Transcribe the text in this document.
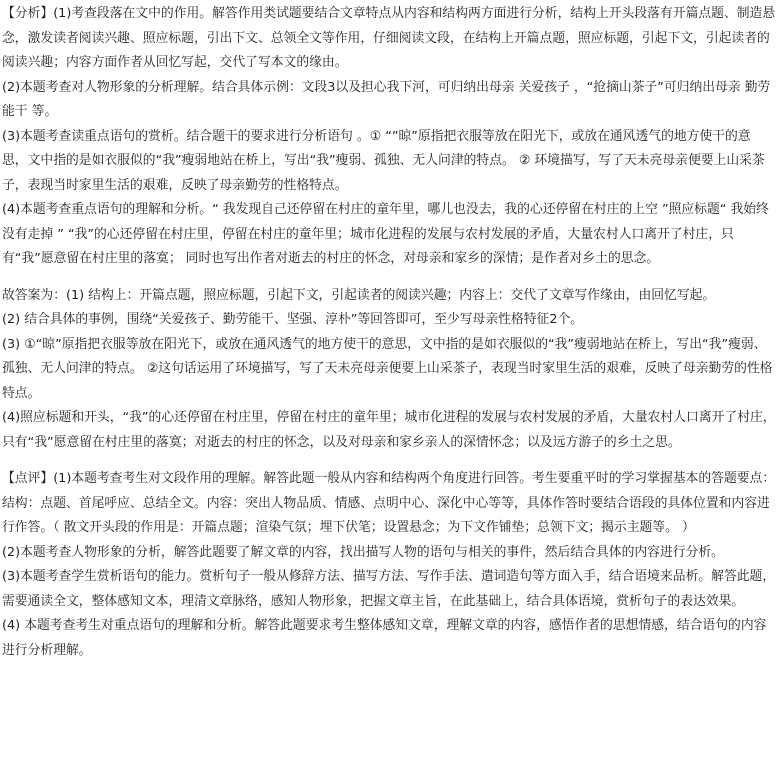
【分析】(1)考查段落在文中的作用。解答作用类试题要结合文章特点从内容和结构两方面进行分析，结构上开头段落有开篇点题、制造悬念，激发读者阅读兴趣、照应标题，引出下文、总领全文等作用，仔细阅读文段，在结构上开篇点题，照应标题，引起下文，引起读者的阅读兴趣；内容方面作者从回忆写起，交代了写本文的缘由。

(2)本题考查对人物形象的分析理解。结合具体示例：文段3以及担心我下河，可归纳出母亲 关爱孩子 ，“抢摘山茶子”可归纳出母亲 勤劳能干 等。

(3)本题考查读重点语句的赏析。结合题干的要求进行分析语句 。① “”晾”原指把衣服等放在阳光下，或放在通风透气的地方使干的意思，文中指的是如衣服似的“我”瘦弱地站在桥上，写出“我”瘦弱、孤独、无人问津的特点。 ② 环境描写，写了天未亮母亲便要上山采茶子，表现当时家里生活的艰难，反映了母亲勤劳的性格特点。

(4)本题考查重点语句的理解和分析。“ 我发现自己还停留在村庄的童年里，哪儿也没去，我的心还停留在村庄的上空 ”照应标题“ 我始终没有走掉 ” “我”的心还停留在村庄里，停留在村庄的童年里；城市化进程的发展与农村发展的矛盾，大量农村人口离开了村庄，只有“我”愿意留在村庄里的落寞； 同时也写出作者对逝去的村庄的怀念，对母亲和家乡的深情；是作者对乡土的思念。

故答案为：(1) 结构上：开篇点题，照应标题，引起下文，引起读者的阅读兴趣；内容上：交代了文章写作缘由，由回忆写起。

(2) 结合具体的事例，围绕“关爱孩子、勤劳能干、坚强、淳朴”等回答即可，至少写母亲性格特征2个。

(3) ①“晾”原指把衣服等放在阳光下，或放在通风透气的地方使干的意思，文中指的是如衣服似的“我”瘦弱地站在桥上，写出“我”瘦弱、孤独、无人问津的特点。 ②这句话运用了环境描写，写了天未亮母亲便要上山采茶子，表现当时家里生活的艰难，反映了母亲勤劳的性格特点。

(4)照应标题和开头，“我”的心还停留在村庄里，停留在村庄的童年里；城市化进程的发展与农村发展的矛盾，大量农村人口离开了村庄，只有“我”愿意留在村庄里的落寞；对逝去的村庄的怀念，以及对母亲和家乡亲人的深情怀念；以及远方游子的乡土之思。

【点评】(1)本题考查考生对文段作用的理解。解答此题一般从内容和结构两个角度进行回答。考生要重平时的学习掌握基本的答题要点：结构：点题、首尾呼应、总结全文。内容：突出人物品质、情感、点明中心、深化中心等等，具体作答时要结合语段的具体位置和内容进行作答。（ 散文开头段的作用是：开篇点题；渲染气氛；埋下伏笔；设置悬念；为下文作铺垫；总领下文；揭示主题等。 ）

(2)本题考查人物形象的分析，解答此题要了解文章的内容，找出描写人物的语句与相关的事件，然后结合具体的内容进行分析。

(3)本题考查学生赏析语句的能力。赏析句子一般从修辞方法、描写方法、写作手法、遣词造句等方面入手，结合语境来品析。解答此题，需要通读全文，整体感知文本，理清文章脉络，感知人物形象，把握文章主旨，在此基础上，结合具体语境，赏析句子的表达效果。

(4) 本题考查考生对重点语句的理解和分析。解答此题要求考生整体感知文章，理解文章的内容，感悟作者的思想情感，结合语句的内容进行分析理解。
